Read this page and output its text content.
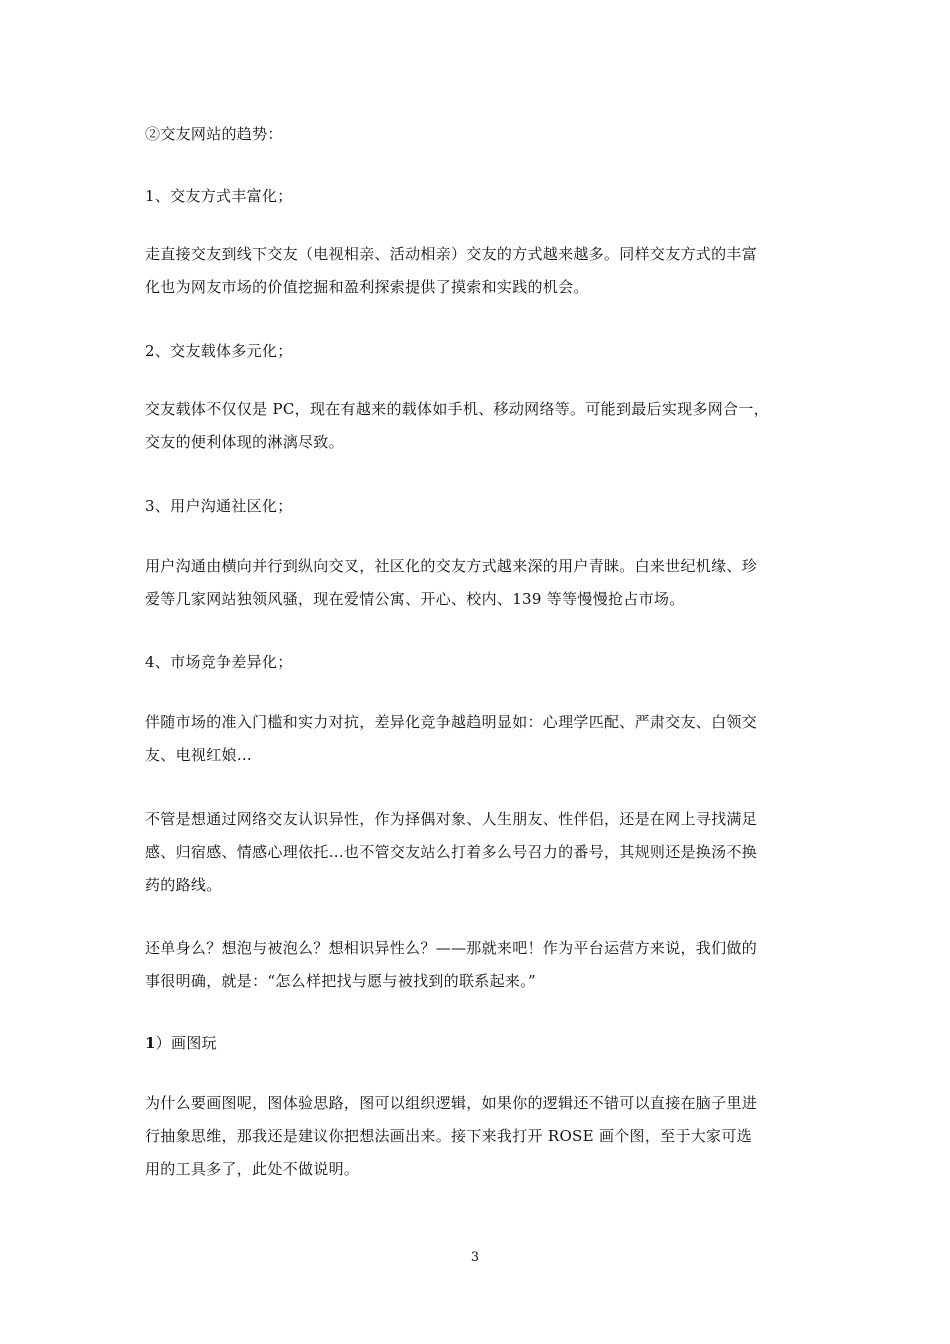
②交友网站的趋势：

1、交友方式丰富化；

走直接交友到线下交友（电视相亲、活动相亲）交友的方式越来越多。同样交友方式的丰富
化也为网友市场的价值挖掘和盈利探索提供了摸索和实践的机会。

2、交友载体多元化；

交友载体不仅仅是 PC，现在有越来的载体如手机、移动网络等。可能到最后实现多网合一，
交友的便利体现的淋漓尽致。

3、用户沟通社区化；

用户沟通由横向并行到纵向交叉，社区化的交友方式越来深的用户青睐。白来世纪机缘、珍
爱等几家网站独领风骚，现在爱情公寓、开心、校内、139 等等慢慢抢占市场。

4、市场竞争差异化；

伴随市场的准入门槛和实力对抗，差异化竞争越趋明显如：心理学匹配、严肃交友、白领交
友、电视红娘…

不管是想通过网络交友认识异性，作为择偶对象、人生朋友、性伴侣，还是在网上寻找满足
感、归宿感、情感心理依托…也不管交友站么打着多么号召力的番号，其规则还是换汤不换
药的路线。

还单身么？想泡与被泡么？想相识异性么？——那就来吧！作为平台运营方来说，我们做的
事很明确，就是：“怎么样把找与愿与被找到的联系起来。”

1）画图玩

为什么要画图呢，图体验思路，图可以组织逻辑，如果你的逻辑还不错可以直接在脑子里进
行抽象思维，那我还是建议你把想法画出来。接下来我打开 ROSE 画个图，至于大家可选
用的工具多了，此处不做说明。

3
